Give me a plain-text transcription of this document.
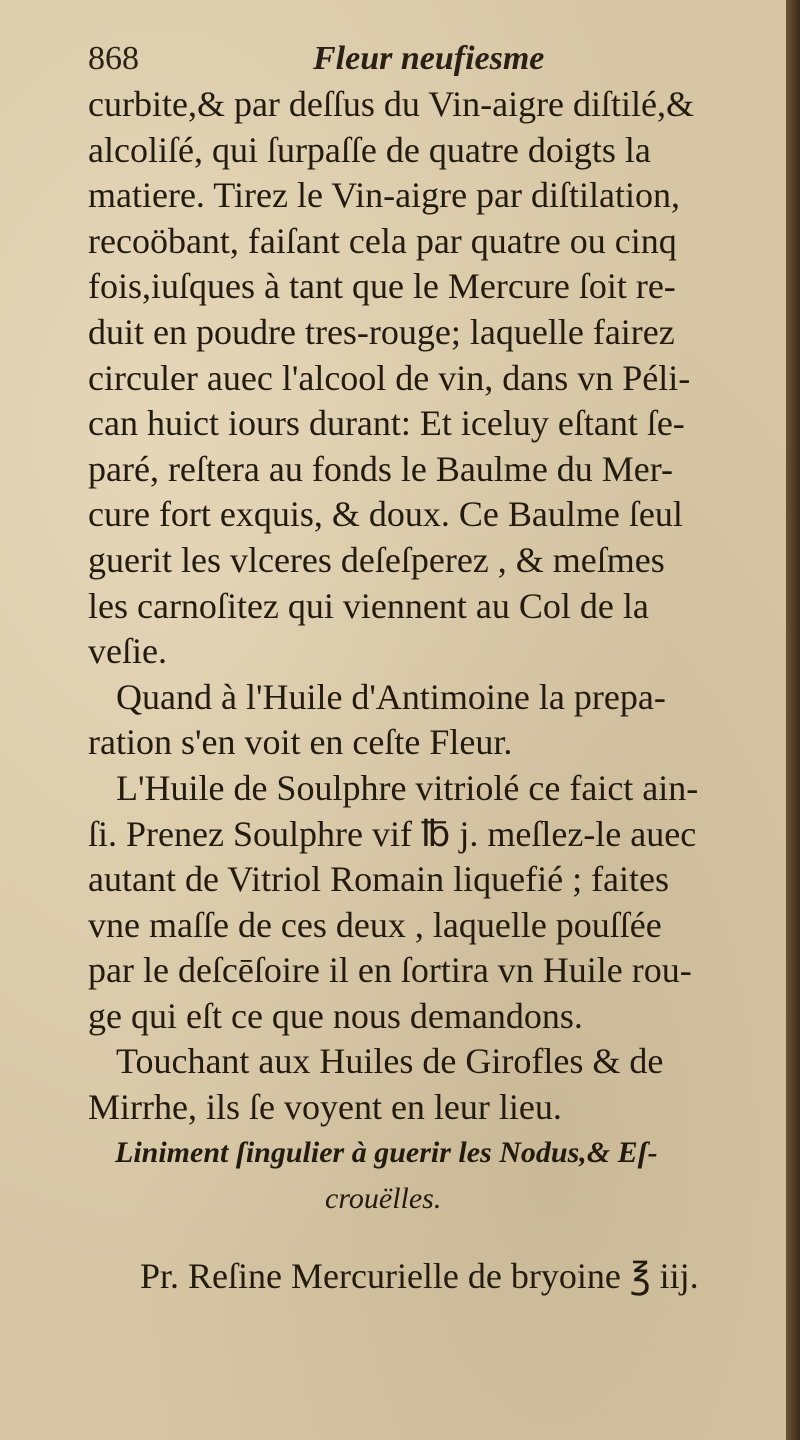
868	Fleur neufiesme
curbite,& par deſſus du Vin-aigre diſtilé,&
alcoliſé, qui ſurpaſſe de quatre doigts la
matiere. Tirez le Vin-aigre par diſtilation,
recoöbant, faiſant cela par quatre ou cinq
fois,iuſques à tant que le Mercure ſoit re-
duit en poudre tres-rouge; laquelle fairez
circuler auec l'alcool de vin, dans vn Péli-
can huict iours durant: Et iceluy eſtant ſe-
paré, reſtera au fonds le Baulme du Mer-
cure fort exquis, & doux. Ce Baulme ſeul
guerit les vlceres deſeſperez , & meſmes
les carnoſitez qui viennent au Col de la
veſie.
Quand à l'Huile d'Antimoine la prepa-
ration s'en voit en ceſte Fleur.
L'Huile de Soulphre vitriolé ce faict ain-
ſi. Prenez Soulphre vif ℔ j. meſlez-le auec
autant de Vitriol Romain liquefié ; faites
vne maſſe de ces deux , laquelle pouſſée
par le deſcēſoire il en ſortira vn Huile rou-
ge qui eſt ce que nous demandons.
Touchant aux Huiles de Girofles & de
Mirrhe, ils ſe voyent en leur lieu.
Liniment ſingulier à guerir les Nodus,& Eſ-
crouëlles.
Pr. Reſine Mercurielle de bryoine ℥ iij.
